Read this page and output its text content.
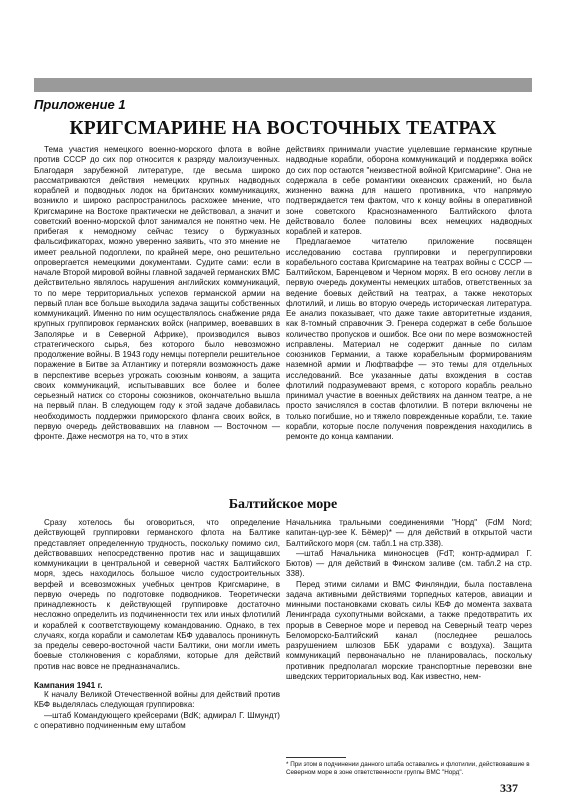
Приложение 1
КРИГСМАРИНЕ НА ВОСТОЧНЫХ ТЕАТРАХ

Тема участия немецкого военно-морского флота в войне против СССР до сих пор относится к разряду малоизученных. Благодаря зарубежной литературе, где весьма широко рассматриваются действия немецких крупных надводных кораблей и подводных лодок на британских коммуникациях, возникло и широко распространилось расхожее мнение, что Кригсмарине на Востоке практически не действовал, а значит и советский военно-морской флот занимался не понятно чем. Не прибегая к немодному сейчас тезису о буржуазных фальсификаторах, можно уверенно заявить, что это мнение не имеет реальной подоплеки, по крайней мере, оно решительно опровергается немецкими документами. Судите сами: если в начале Второй мировой войны главной задачей германских ВМС действительно являлось нарушения английских коммуникаций, то по мере территориальных успехов германской армии на первый план все больше выходила задача защиты собственных коммуникаций. Именно по ним осуществлялось снабжение ряда крупных группировок германских войск (например, воевавших в Заполярье и в Северной Африке), производился вывоз стратегического сырья, без которого было невозможно продолжение войны. В 1943 году немцы потерпели решительное поражение в Битве за Атлантику и потеряли возможность даже в перспективе всерьез угрожать союзным конвоям, а защита своих коммуникаций, испытывавших все более и более серьезный натиск со стороны союзников, окончательно вышла на первый план. В следующем году к этой задаче добавилась необходимость поддержки приморского фланга своих войск, в первую очередь действовавших на главном — Восточном — фронте. Даже несмотря на то, что в этих

действиях принимали участие уцелевшие германские крупные надводные корабли, оборона коммуникаций и поддержка войск до сих пор остаются "неизвестной войной Кригсмарине". Она не содержала в себе романтики океанских сражений, но была жизненно важна для нашего противника, что напрямую подтверждается тем фактом, что к концу войны в оперативной зоне советского Краснознаменного Балтийского флота действовало более половины всех немецких надводных кораблей и катеров.

Предлагаемое читателю приложение посвящен исследованию состава группировки и перегруппировки корабельного состава Кригсмарине на театрах войны с СССР — Балтийском, Баренцевом и Черном морях. В его основу легли в первую очередь документы немецких штабов, ответственных за ведение боевых действий на театрах, а также некоторых флотилий, и лишь во вторую очередь историческая литература. Ее анализ показывает, что даже такие авторитетные издания, как 8-томный справочник Э. Гренера содержат в себе большое количество пропусков и ошибок. Все они по мере возможностей исправлены. Материал не содержит данные по силам союзников Германии, а также корабельным формированиям наземной армии и Люфтваффе — это темы для отдельных исследований. Все указанные даты вхождения в состав флотилий подразумевают время, с которого корабль реально принимал участие в военных действиях на данном театре, а не просто зачислялся в состав флотилии. В потери включены не только погибшие, но и тяжело поврежденные корабли, т.е. такие корабли, которые после получения повреждения находились в ремонте до конца кампании.

Балтийское море

Сразу хотелось бы оговориться, что определение действующей группировки германского флота на Балтике представляет определенную трудность, поскольку помимо сил, действовавших непосредственно против нас и защищавших коммуникации в центральной и северной частях Балтийского моря, здесь находилось большое число судостроительных верфей и всевозможных учебных центров Кригсмарине, в первую очередь по подготовке подводников. Теоретически принадлежность к действующей группировке достаточно несложно определить из подчиненности тех или иных флотилий и кораблей к соответствующему командованию. Однако, в тех случаях, когда корабли и самолетам КБФ удавалось проникнуть за пределы северо-восточной части Балтики, они могли иметь боевые столкновения с кораблями, которые для действий против нас вовсе не предназначались.

Кампания 1941 г.

К началу Великой Отечественной войны для действий против КБФ выделялась следующая группировка:

—штаб Командующего крейсерами (BdK; адмирал Г. Шмундт) с оперативно подчиненным ему штабом

Начальника тральными соединениями "Норд" (FdM Nord; капитан-цур-зее К. Бёмер)* — для действий в открытой части Балтийского моря (см. табл.1 на стр.338).

—штаб Начальника миноносцев (FdT; контр-адмирал Г. Бютов) — для действий в Финском заливе (см. табл.2 на стр. 338).

Перед этими силами и ВМС Финляндии, была поставлена задача активными действиями торпедных катеров, авиации и минными постановками сковать силы КБФ до момента захвата Ленинграда сухопутными войсками, а также предотвратить их прорыв в Северное море и перевод на Северный театр через Беломорско-Балтийский канал (последнее решалось разрушением шлюзов ББК ударами с воздуха). Защита коммуникаций первоначально не планировалась, поскольку противник предполагал морские транспортные перевозки вне шведских территориальных вод. Как известно, нем-

* При этом в подчинении данного штаба оставались и флотилии, действовавшие в Северном море в зоне ответственности группы ВМС "Норд".
337
